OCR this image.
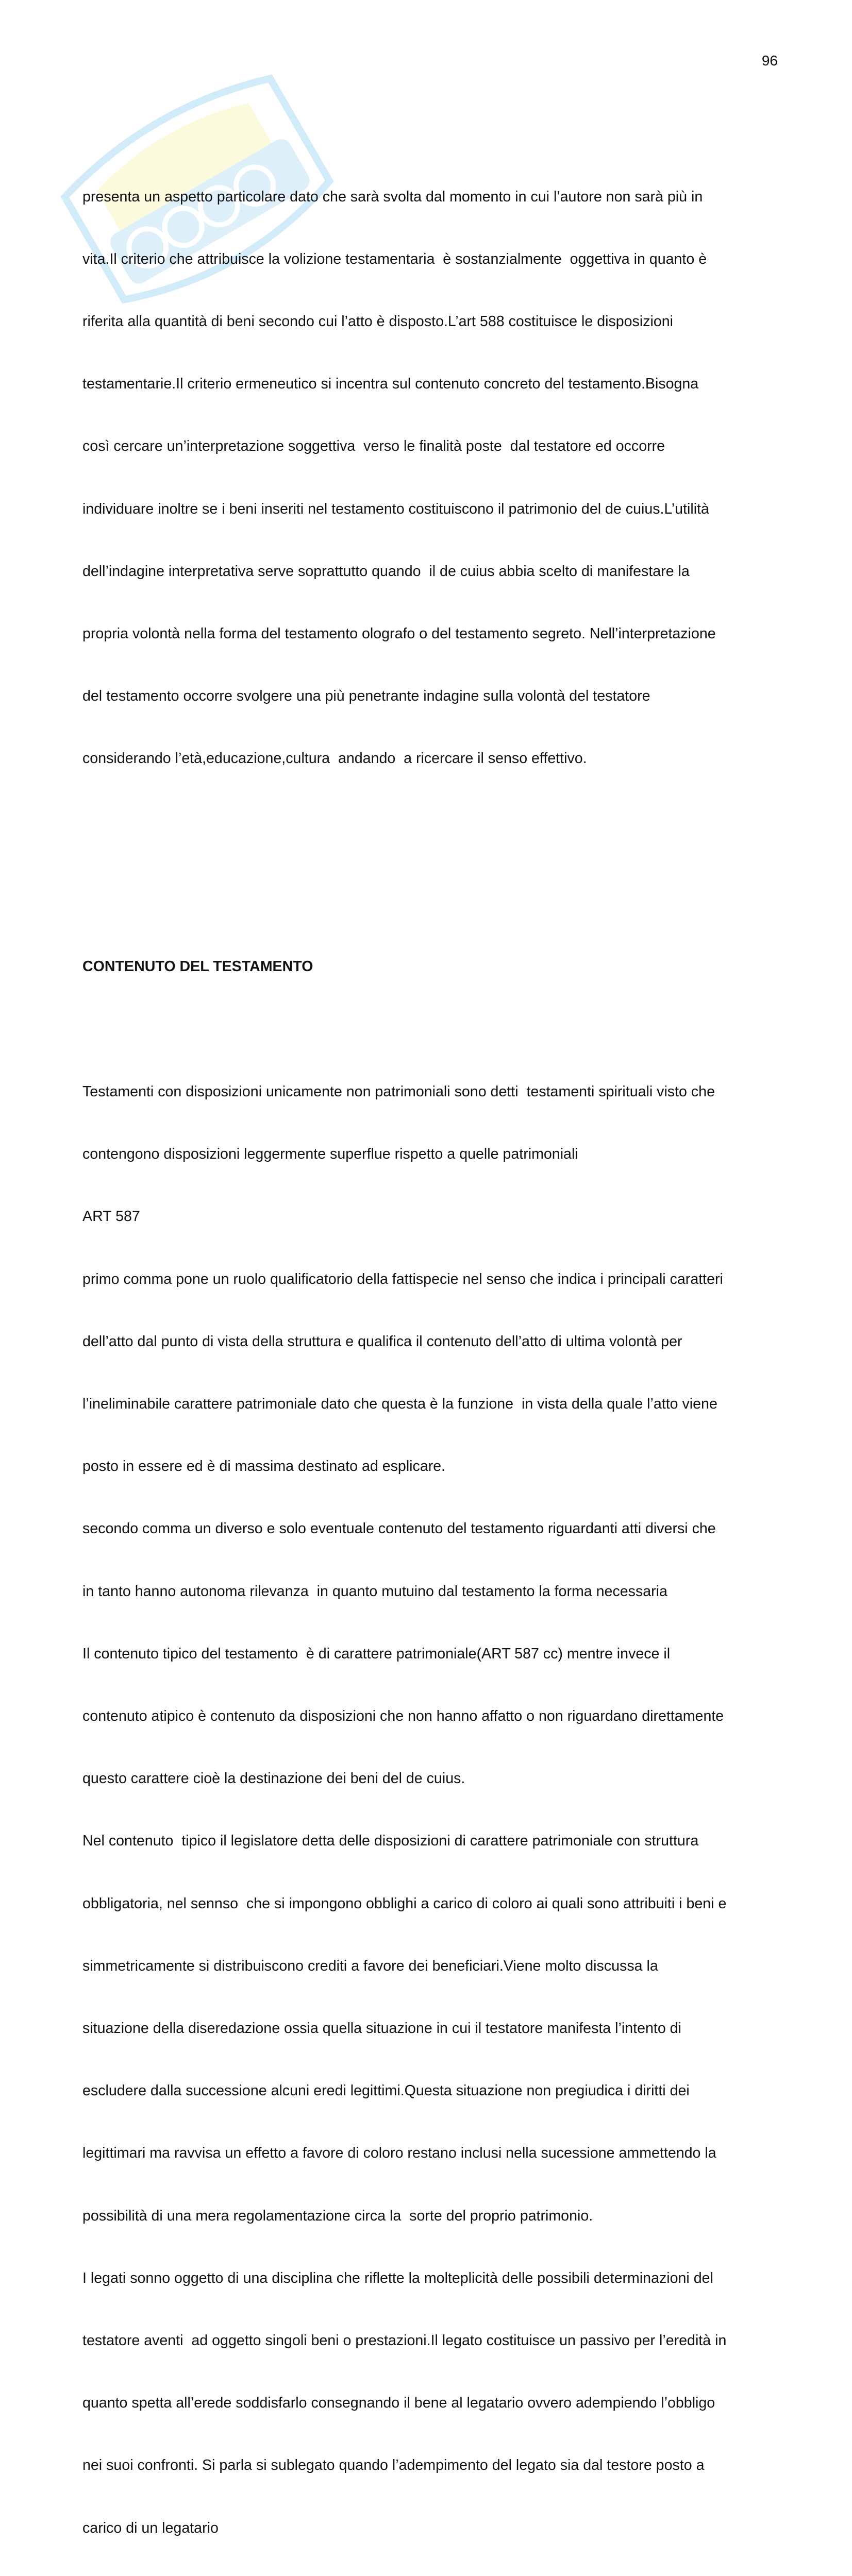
96

presenta un aspetto particolare dato che sarà svolta dal momento in cui l’autore non sarà più in

vita.Il criterio che attribuisce la volizione testamentaria  è sostanzialmente  oggettiva in quanto è

riferita alla quantità di beni secondo cui l’atto è disposto.L’art 588 costituisce le disposizioni

testamentarie.Il criterio ermeneutico si incentra sul contenuto concreto del testamento.Bisogna

così cercare un’interpretazione soggettiva  verso le finalità poste  dal testatore ed occorre

individuare inoltre se i beni inseriti nel testamento costituiscono il patrimonio del de cuius.L’utilità

dell’indagine interpretativa serve soprattutto quando  il de cuius abbia scelto di manifestare la

propria volontà nella forma del testamento olografo o del testamento segreto. Nell’interpretazione

del testamento occorre svolgere una più penetrante indagine sulla volontà del testatore

considerando l’età,educazione,cultura  andando  a ricercare il senso effettivo.

CONTENUTO DEL TESTAMENTO

Testamenti con disposizioni unicamente non patrimoniali sono detti  testamenti spirituali visto che

contengono disposizioni leggermente superflue rispetto a quelle patrimoniali

ART 587

primo comma pone un ruolo qualificatorio della fattispecie nel senso che indica i principali caratteri

dell’atto dal punto di vista della struttura e qualifica il contenuto dell’atto di ultima volontà per

l’ineliminabile carattere patrimoniale dato che questa è la funzione  in vista della quale l’atto viene

posto in essere ed è di massima destinato ad esplicare.

secondo comma un diverso e solo eventuale contenuto del testamento riguardanti atti diversi che

in tanto hanno autonoma rilevanza  in quanto mutuino dal testamento la forma necessaria

Il contenuto tipico del testamento  è di carattere patrimoniale(ART 587 cc) mentre invece il

contenuto atipico è contenuto da disposizioni che non hanno affatto o non riguardano direttamente

questo carattere cioè la destinazione dei beni del de cuius.

Nel contenuto  tipico il legislatore detta delle disposizioni di carattere patrimoniale con struttura

obbligatoria, nel sennso  che si impongono obblighi a carico di coloro ai quali sono attribuiti i beni e

simmetricamente si distribuiscono crediti a favore dei beneficiari.Viene molto discussa la

situazione della diseredazione ossia quella situazione in cui il testatore manifesta l’intento di

escludere dalla successione alcuni eredi legittimi.Questa situazione non pregiudica i diritti dei

legittimari ma ravvisa un effetto a favore di coloro restano inclusi nella sucessione ammettendo la

possibilità di una mera regolamentazione circa la  sorte del proprio patrimonio.

I legati sonno oggetto di una disciplina che riflette la molteplicità delle possibili determinazioni del

testatore aventi  ad oggetto singoli beni o prestazioni.Il legato costituisce un passivo per l’eredità in

quanto spetta all’erede soddisfarlo consegnando il bene al legatario ovvero adempiendo l’obbligo

nei suoi confronti. Si parla si sublegato quando l’adempimento del legato sia dal testore posto a

carico di un legatario
